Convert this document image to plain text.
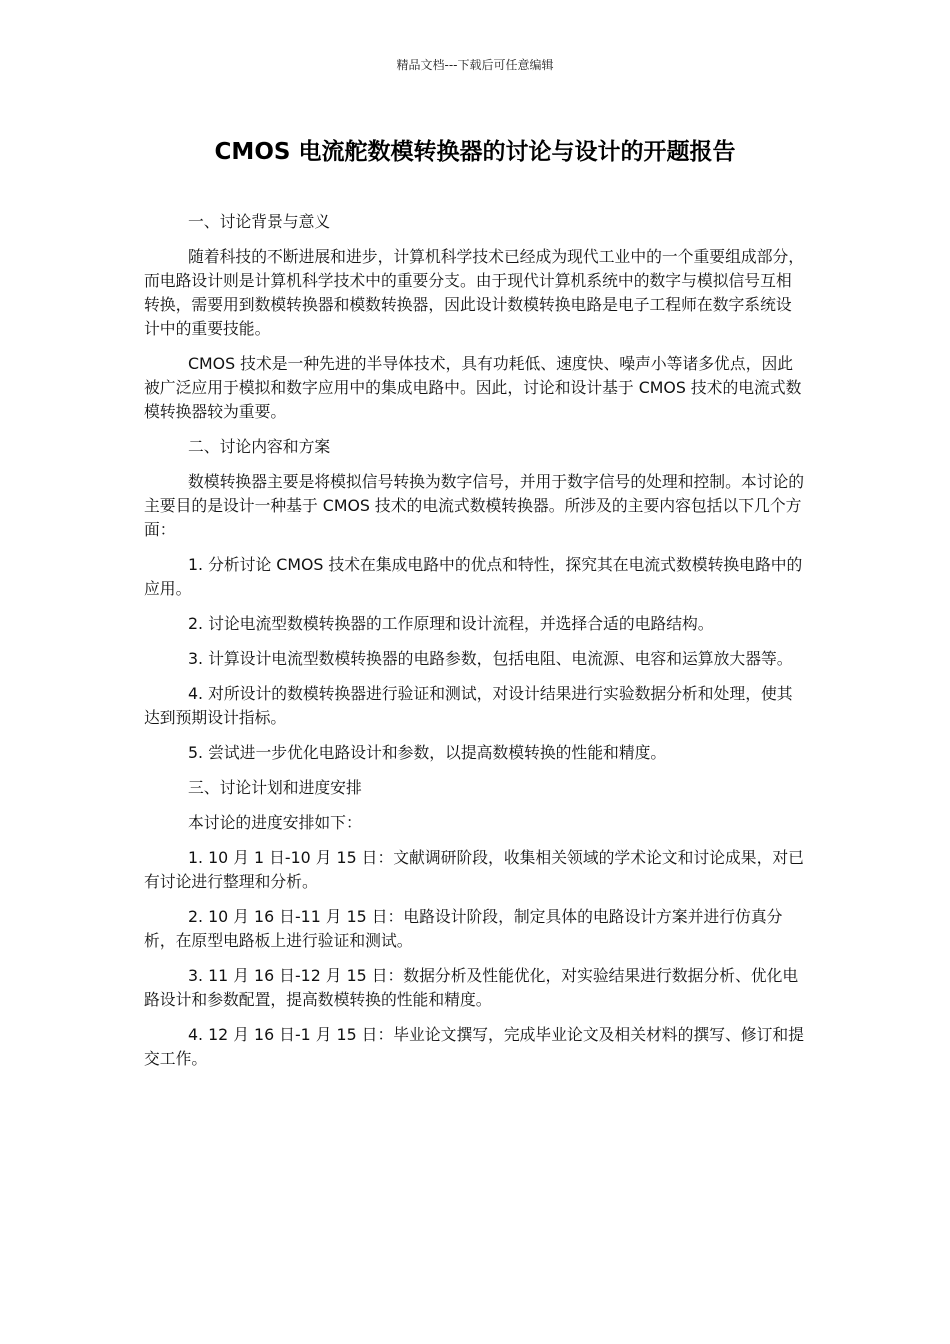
精品文档---下载后可任意编辑
CMOS 电流舵数模转换器的讨论与设计的开题报告

一、讨论背景与意义

随着科技的不断进展和进步，计算机科学技术已经成为现代工业中的一个重要组成部分，而电路设计则是计算机科学技术中的重要分支。由于现代计算机系统中的数字与模拟信号互相转换，需要用到数模转换器和模数转换器，因此设计数模转换电路是电子工程师在数字系统设计中的重要技能。

CMOS 技术是一种先进的半导体技术，具有功耗低、速度快、噪声小等诸多优点，因此被广泛应用于模拟和数字应用中的集成电路中。因此，讨论和设计基于 CMOS 技术的电流式数模转换器较为重要。

二、讨论内容和方案

数模转换器主要是将模拟信号转换为数字信号，并用于数字信号的处理和控制。本讨论的主要目的是设计一种基于 CMOS 技术的电流式数模转换器。所涉及的主要内容包括以下几个方面：

1. 分析讨论 CMOS 技术在集成电路中的优点和特性，探究其在电流式数模转换电路中的应用。

2. 讨论电流型数模转换器的工作原理和设计流程，并选择合适的电路结构。

3. 计算设计电流型数模转换器的电路参数，包括电阻、电流源、电容和运算放大器等。

4. 对所设计的数模转换器进行验证和测试，对设计结果进行实验数据分析和处理，使其达到预期设计指标。

5. 尝试进一步优化电路设计和参数，以提高数模转换的性能和精度。

三、讨论计划和进度安排

本讨论的进度安排如下：

1. 10 月 1 日-10 月 15 日：文献调研阶段，收集相关领域的学术论文和讨论成果，对已有讨论进行整理和分析。

2. 10 月 16 日-11 月 15 日：电路设计阶段，制定具体的电路设计方案并进行仿真分析，在原型电路板上进行验证和测试。

3. 11 月 16 日-12 月 15 日：数据分析及性能优化，对实验结果进行数据分析、优化电路设计和参数配置，提高数模转换的性能和精度。

4. 12 月 16 日-1 月 15 日：毕业论文撰写，完成毕业论文及相关材料的撰写、修订和提交工作。
